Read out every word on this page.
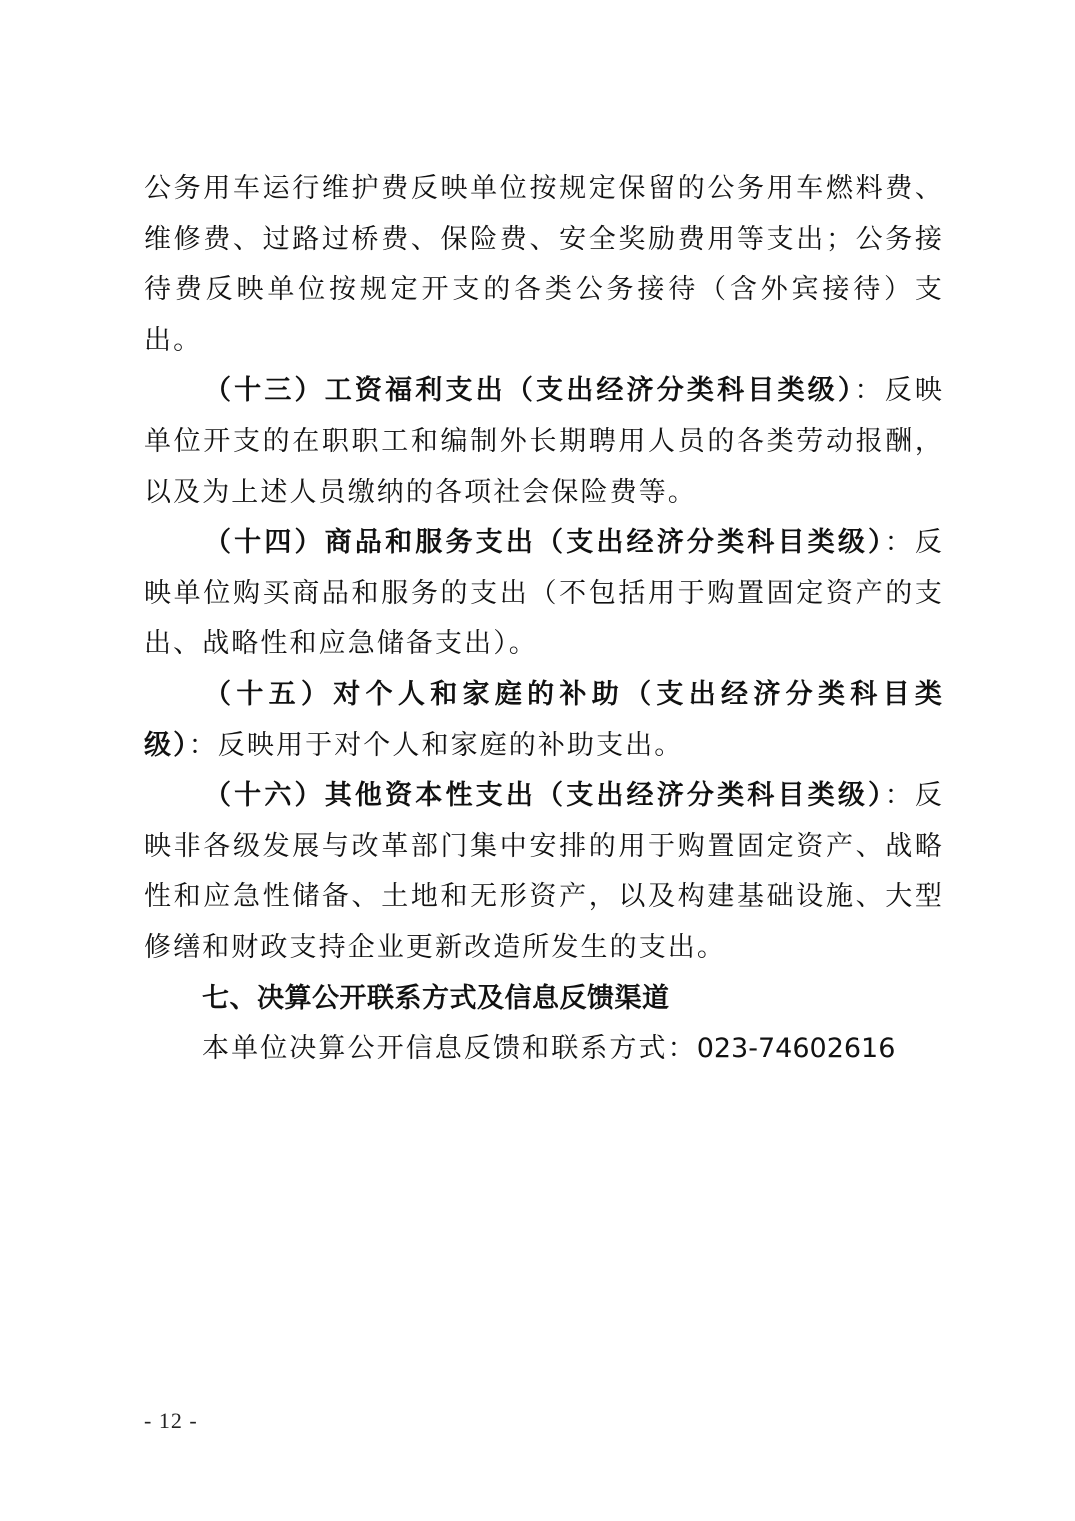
公务用车运行维护费反映单位按规定保留的公务用车燃料费、维修费、过路过桥费、保险费、安全奖励费用等支出；公务接待费反映单位按规定开支的各类公务接待（含外宾接待）支出。

（十三）工资福利支出（支出经济分类科目类级）：反映单位开支的在职职工和编制外长期聘用人员的各类劳动报酬，以及为上述人员缴纳的各项社会保险费等。

（十四）商品和服务支出（支出经济分类科目类级）：反映单位购买商品和服务的支出（不包括用于购置固定资产的支出、战略性和应急储备支出）。

（十五）对个人和家庭的补助（支出经济分类科目类级）：反映用于对个人和家庭的补助支出。

（十六）其他资本性支出（支出经济分类科目类级）：反映非各级发展与改革部门集中安排的用于购置固定资产、战略性和应急性储备、土地和无形资产，以及构建基础设施、大型修缮和财政支持企业更新改造所发生的支出。

七、决算公开联系方式及信息反馈渠道

本单位决算公开信息反馈和联系方式：023-74602616

- 12 -
